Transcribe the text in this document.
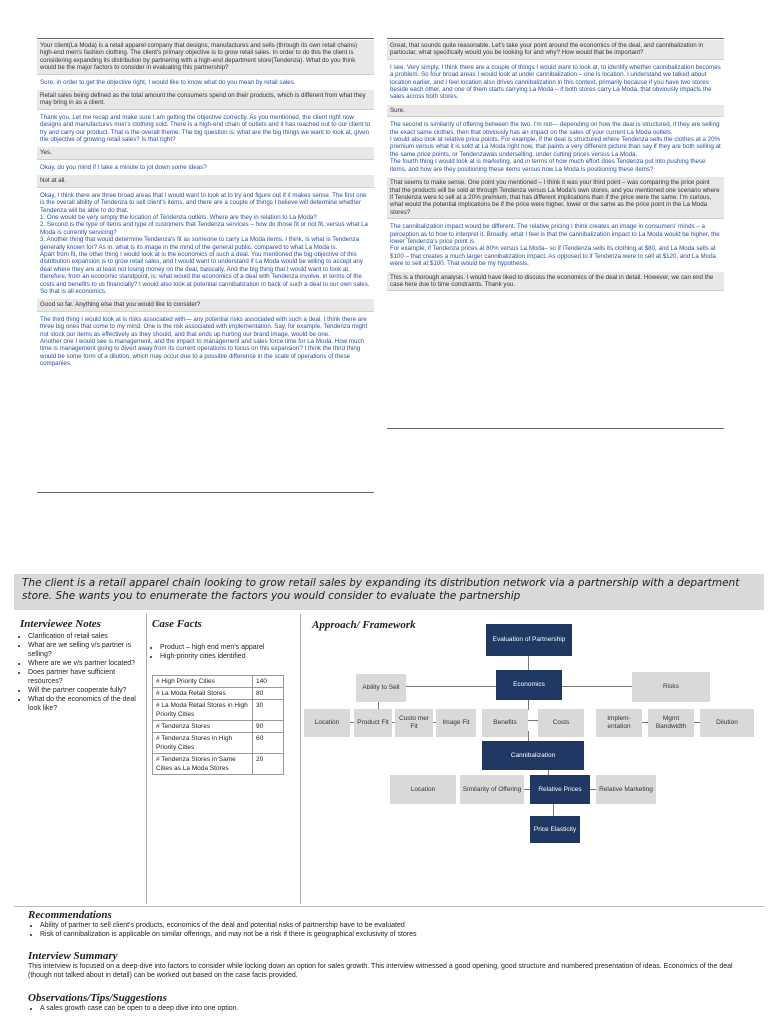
Your client(La Moda) is a retail apparel company that designs, manufactures and sells (through its own retail chains) high-end men's fashion clothing. The client's primary objective is to grow retail sales. In order to do this the client is considering expanding its distribution by partnering with a high-end department store(Tendenza). What do you think would be the major factors to consider in evaluating this partnership?
Sure, in order to get the objective right, I would like to know what do you mean by retail sales.
Retail sales being defined as the total amount the consumers spend on their products, which is different from what they may bring in as a client.
Thank you. Let me recap and make sure I am getting the objective correctly. As you mentioned, the client right now designs and manufactures men's clothing sold. There is a high-end chain of outlets and it has reached out to our client to try and carry our product. That is the overall theme. The big question is: what are the big things we want to look at, given the objective of growing retail sales? Is that right?
Yes.
Okay, do you mind if I take a minute to jot down some ideas?
Not at all.
Okay, I think there are three broad areas that I would want to look at to try and figure out if it makes sense. The first one is the overall ability of Tendenza to sell client's items, and there are a couple of things I believe will determine whether Tendenza will be able to do that.
1. One would be very simply the location of Tendenza outlets. Where are they in relation to La Moda?
2. Second is the type of items and type of customers that Tendenza services – how do those fit or not fit, versus what La Moda is currently servicing?
3. Another thing that would determine Tendenza's fit as someone to carry La Moda items, I think, is what is Tendenza generally known for? As in, what is its image in the mind of the general public, compared to what La Moda is.
Apart from fit, the other thing I would look at is the economics of such a deal. You mentioned the big objective of this distribution expansion is to grow retail sales, and I would want to understand if La Moda would be willing to accept any deal where they are at least not losing money on the deal, basically. And the big thing that I would want to look at, therefore, from an economic standpoint, is: what would the economics of a deal with Tendenza involve, in terms of the costs and benefits to us financially? I would also look at potential cannibalization in back of such a deal to our own sales. So that is all economics.
Good so far. Anything else that you would like to consider?
The third thing I would look at is risks associated with— any potential risks associated with such a deal. I think there are three big ones that come to my mind. One is the risk associated with implementation. Say, for example, Tendenza might not stock our items as effectively as they should, and that ends up hurting our brand image, would be one.
Another one I would see is management, and the impact to management and sales force time for La Moda. How much time is management going to divert away from its current operations to focus on this expansion? I think the third thing would be some form of a dilution, which may occur due to a possible difference in the scale of operations of these companies.
Great, that sounds quite reasonable. Let's take your point around the economics of the deal, and cannibalization in particular, what specifically would you be looking for and why? How would that be important?
I see. Very simply, I think there are a couple of things I would want to look at, to identify whether cannibalization becomes a problem. So four broad areas I would look at under cannibalization – one is location. I understand we talked about location earlier, and I feel location also drives cannibalization in this context, primarily because if you have two stores beside each other, and one of them starts carrying La Moda – if both stores carry La Moda, that obviously impacts the sales across both stores.
Sure.
The second is similarity of offering between the two. I'm not— depending on how the deal is structured, if they are selling the exact same clothes, then that obviously has an impact on the sales of your current La Moda outlets.
I would also look at relative price points. For example, if the deal is structured where Tendenza sells the clothes at a 20% premium versus what it is sold at La Moda right now, that paints a very different picture than say if they are both selling at the same price points, or Tendenzawas underselling, under cutting prices versus La Moda.
The fourth thing I would look at is marketing, and in terms of how much effort does Tendenza put into pushing these items, and how are they positioning these items versus how La Moda is positioning these items?
That seems to make sense. One point you mentioned – I think it was your third point – was comparing the price point that the products will be sold at through Tendenza versus La Moda's own stores, and you mentioned one scenario where if Tendenza were to sell at a 20% premium, that has different implications than if the price were the same. I'm curious, what would the potential implications be if the price were higher, lower or the same as the price point in the La Moda stores?
The cannibalization impact would be different. The relative pricing I think creates an image in consumers' minds – a perception as to how to interpret it. Broadly, what I feel is that the cannibalization impact to La Moda would be higher, the lower Tendenza's price point is.
For example, if Tendenza prices at 80% versus La Moda– so if ITendenza sells its clothing at $80, and La Moda sells at $100 – that creates a much larger cannibalization impact. As opposed to if Tendenza were to sell at $120, and La Moda were to sell at $100. That would be my hypothesis.
This is a thorough analysis. I would have liked to discuss the economics of the deal in detail. However, we can end the case here due to time constraints. Thank you.
The client is a retail apparel chain looking to grow retail sales by expanding its distribution network via a partnership with a department store. She wants you to enumerate the factors you would consider to evaluate the partnership
Interviewee Notes
• Clarification of retail sales
• What are we selling v/s partner is selling?
• Where are we v/s partner located?
• Does partner have sufficient resources?
• Will the partner cooperate fully?
• What do the economics of the deal look like?
Case Facts
• Product – high end men's apparel
• High-priority cities identified
# High Priority Cities	140
# La Moda Retail Stores	80
# La Moda Retail Stores in High Priority Cities	30
# Tendenza Stores	90
# Tendenza Stores in High Priority Cities	60
# Tendenza Stores in Same Cities as La Moda Stores	20
Approach/ Framework
Evaluation of Partnership
Economics
Ability to Sell	Risks
Location	Product Fit
Custo mer Fit
Image Fit	Benefits	Costs
Implem- entation
Mgmt Bandwidth
Dilution
Cannibalization
Location	Similarity of Offering	Relative Prices	Relative Marketing
Price Elasticity
Recommendations
• Ability of partner to sell client's products, economics of the deal and potential risks of partnership have to be evaluated
• Risk of cannibalization is applicable on similar offerings, and may not be a risk if there is geographical exclusivity of stores
Interview Summary

This interview is focused on a deep-dive into factors to consider while locking down an option for sales growth. This interview witnessed a good opening, good structure and numbered presentation of ideas. Economics of the deal (though not talked about in detail) can be worked out based on the case facts provided.

Observations/Tips/Suggestions
• A sales growth case can be open to a deep dive into one option.
